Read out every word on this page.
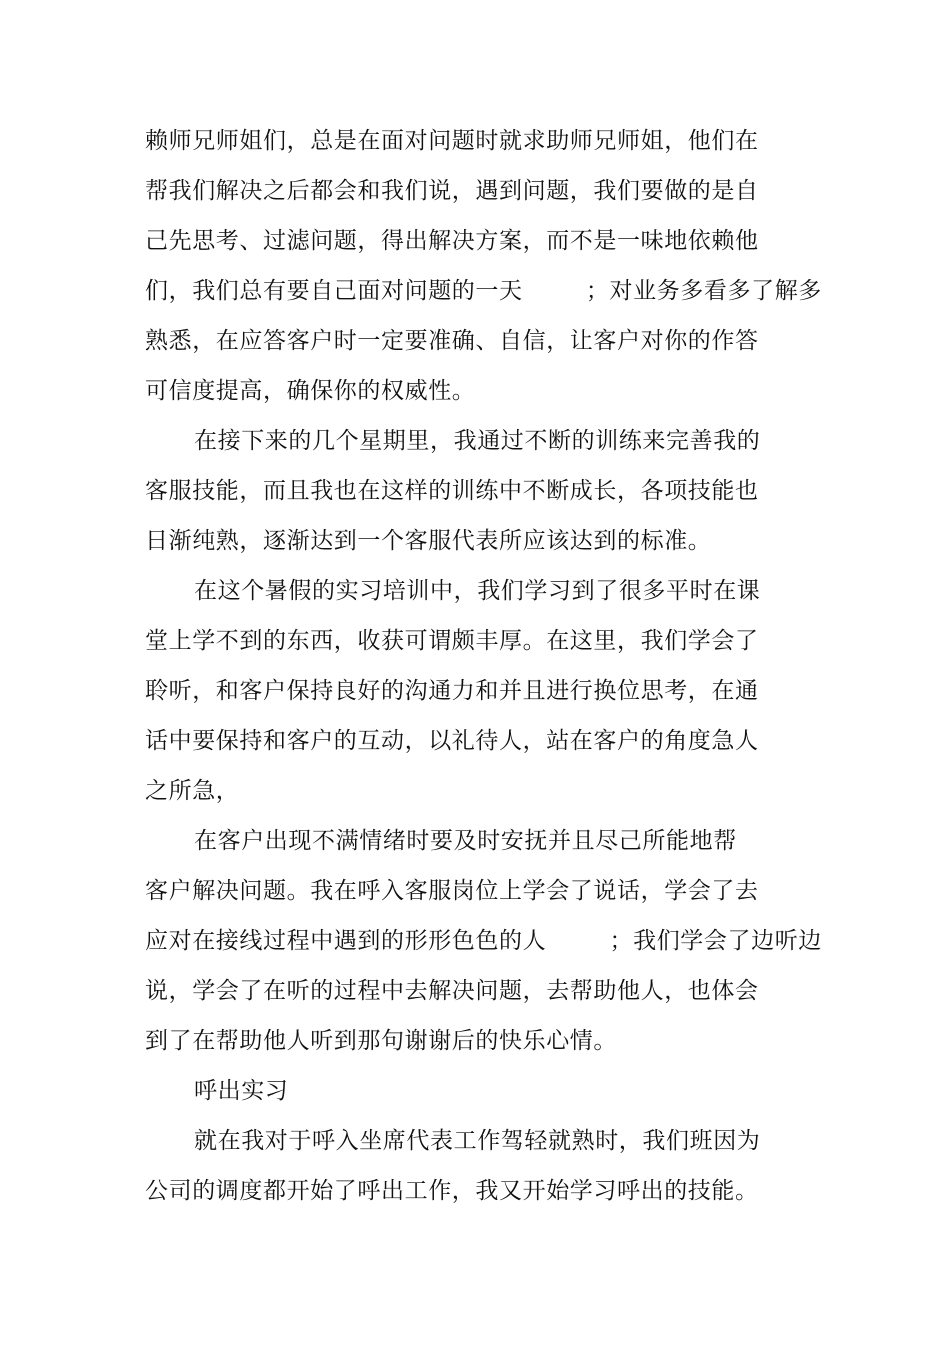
赖师兄师姐们，总是在面对问题时就求助师兄师姐，他们在
帮我们解决之后都会和我们说，遇到问题，我们要做的是自
己先思考、过滤问题，得出解决方案，而不是一味地依赖他
们，我们总有要自己面对问题的一天        ；对业务多看多了解多
熟悉，在应答客户时一定要准确、自信，让客户对你的作答
可信度提高，确保你的权威性。
在接下来的几个星期里，我通过不断的训练来完善我的
客服技能，而且我也在这样的训练中不断成长，各项技能也
日渐纯熟，逐渐达到一个客服代表所应该达到的标准。
在这个暑假的实习培训中，我们学习到了很多平时在课
堂上学不到的东西，收获可谓颇丰厚。在这里，我们学会了
聆听，和客户保持良好的沟通力和并且进行换位思考，在通
话中要保持和客户的互动，以礼待人，站在客户的角度急人
之所急，
在客户出现不满情绪时要及时安抚并且尽己所能地帮
客户解决问题。我在呼入客服岗位上学会了说话，学会了去
应对在接线过程中遇到的形形色色的人        ；我们学会了边听边
说，学会了在听的过程中去解决问题，去帮助他人，也体会
到了在帮助他人听到那句谢谢后的快乐心情。
呼出实习
就在我对于呼入坐席代表工作驾轻就熟时，我们班因为
公司的调度都开始了呼出工作，我又开始学习呼出的技能。
